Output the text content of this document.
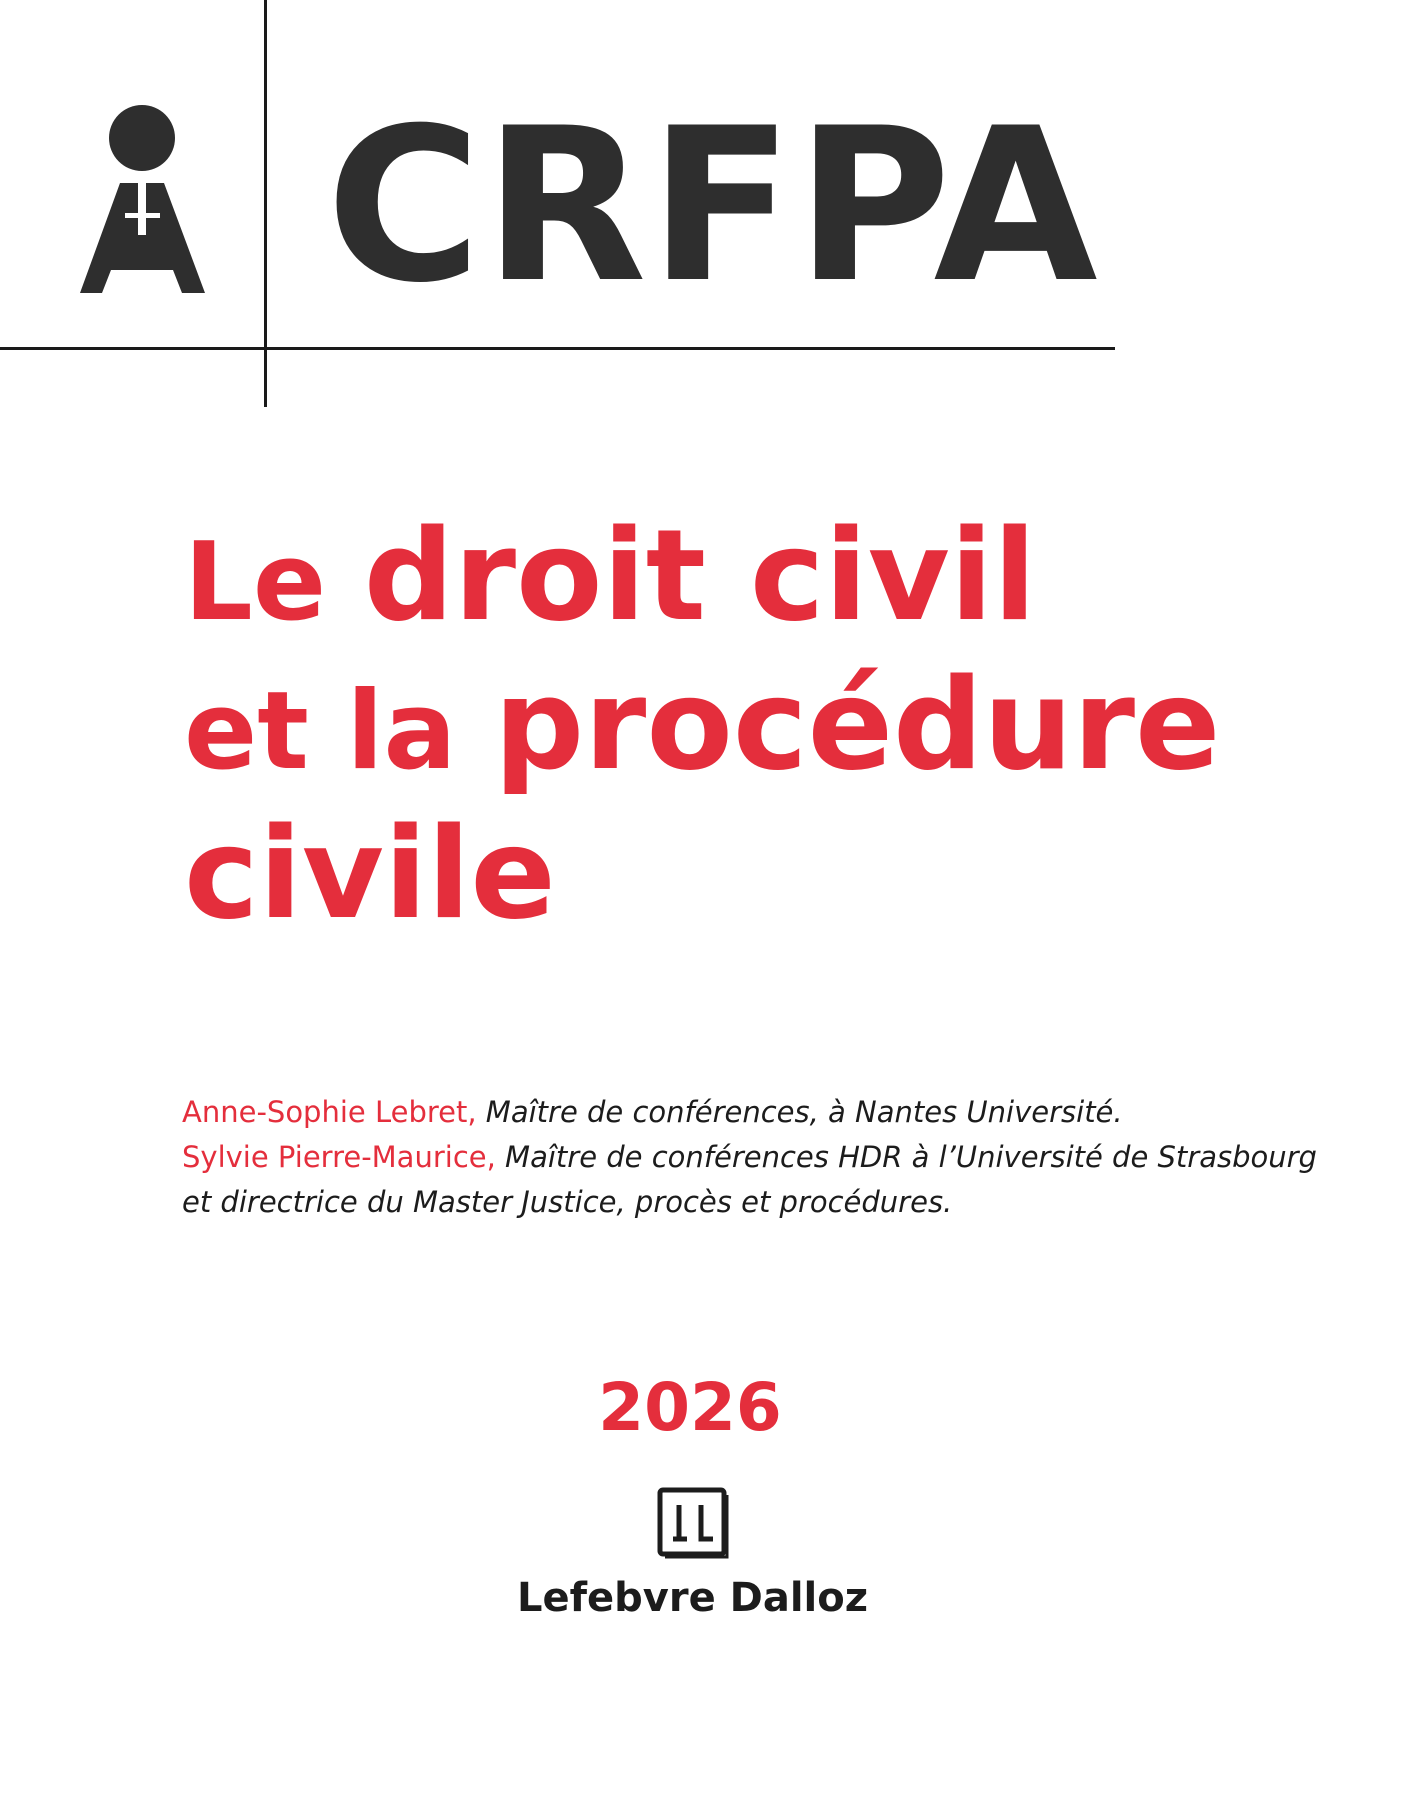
CRFPA
Le droit civil
et la procédure
civile
Anne-Sophie Lebret, Maître de conférences, à Nantes Université.
Sylvie Pierre-Maurice, Maître de conférences HDR à l’Université de Strasbourg
et directrice du Master Justice, procès et procédures.
2026
Lefebvre Dalloz
